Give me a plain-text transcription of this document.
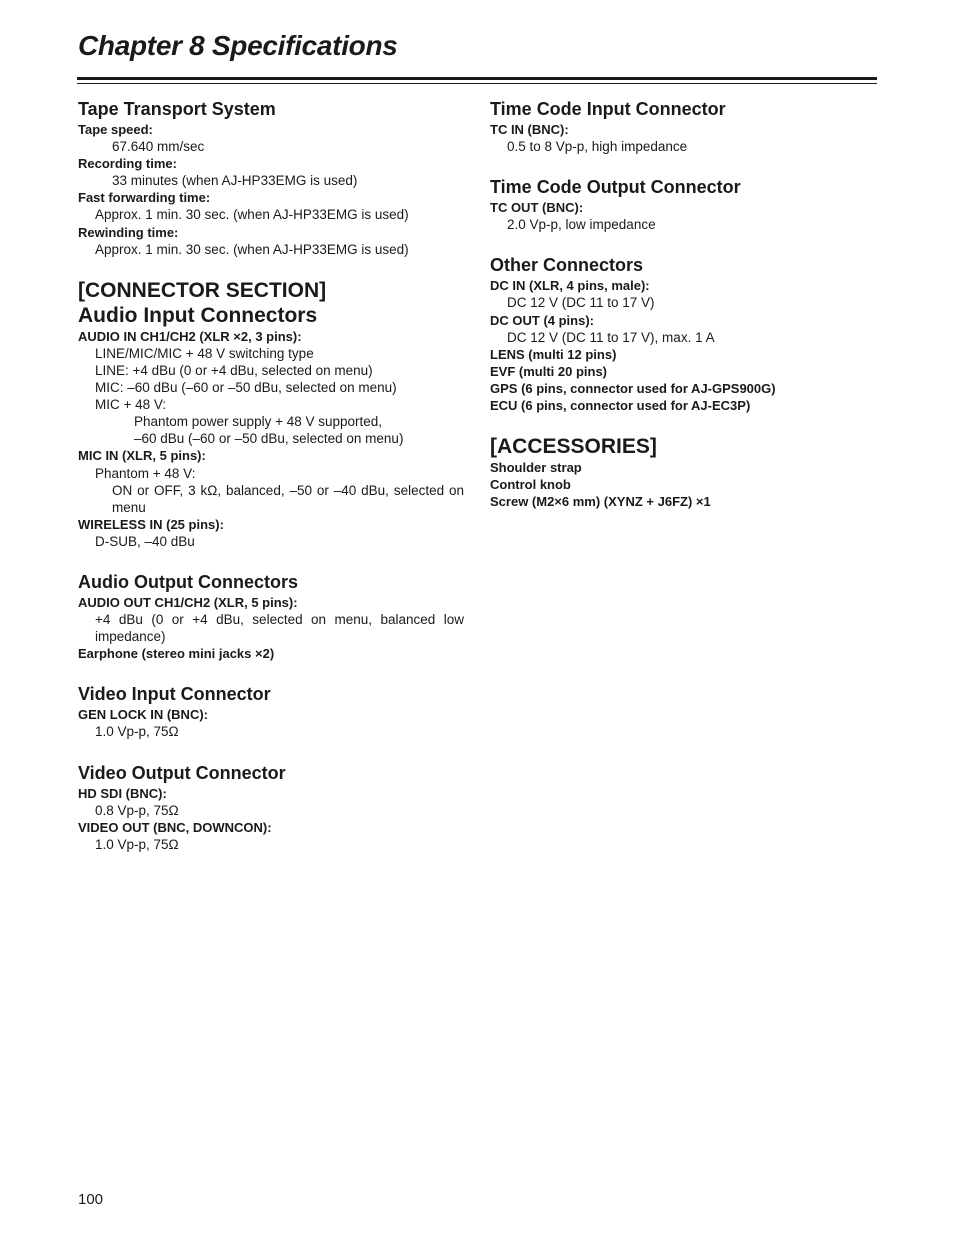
Chapter 8 Specifications
Tape Transport System
Tape speed:
67.640 mm/sec
Recording time:
33 minutes (when AJ-HP33EMG is used)
Fast forwarding time:
Approx. 1 min. 30 sec. (when AJ-HP33EMG is used)
Rewinding time:
Approx. 1 min. 30 sec. (when AJ-HP33EMG is used)
[CONNECTOR SECTION]
Audio Input Connectors
AUDIO IN CH1/CH2 (XLR ×2, 3 pins):
LINE/MIC/MIC + 48 V switching type
LINE: +4 dBu (0 or +4 dBu, selected on menu)
MIC: –60 dBu (–60 or –50 dBu, selected on menu)
MIC + 48 V:
Phantom power supply + 48 V supported,
–60 dBu (–60 or –50 dBu, selected on menu)
MIC IN (XLR, 5 pins):
Phantom + 48 V:
ON or OFF, 3 kΩ, balanced, –50 or –40 dBu, selected on menu
WIRELESS IN (25 pins):
D-SUB, –40 dBu
Audio Output Connectors
AUDIO OUT CH1/CH2 (XLR, 5 pins):
+4 dBu (0 or +4 dBu, selected on menu, balanced low impedance)
Earphone (stereo mini jacks ×2)
Video Input Connector
GEN LOCK IN (BNC):
1.0 Vp-p, 75Ω
Video Output Connector
HD SDI (BNC):
0.8 Vp-p, 75Ω
VIDEO OUT (BNC, DOWNCON):
1.0 Vp-p, 75Ω
Time Code Input Connector
TC IN (BNC):
0.5 to 8 Vp-p, high impedance
Time Code Output Connector
TC OUT (BNC):
2.0 Vp-p, low impedance
Other Connectors
DC IN (XLR, 4 pins, male):
DC 12 V (DC 11 to 17 V)
DC OUT (4 pins):
DC 12 V (DC 11 to 17 V), max. 1 A
LENS (multi 12 pins)
EVF (multi 20 pins)
GPS (6 pins, connector used for AJ-GPS900G)
ECU (6 pins, connector used for AJ-EC3P)
[ACCESSORIES]
Shoulder strap
Control knob
Screw (M2×6 mm) (XYNZ + J6FZ) ×1
100
